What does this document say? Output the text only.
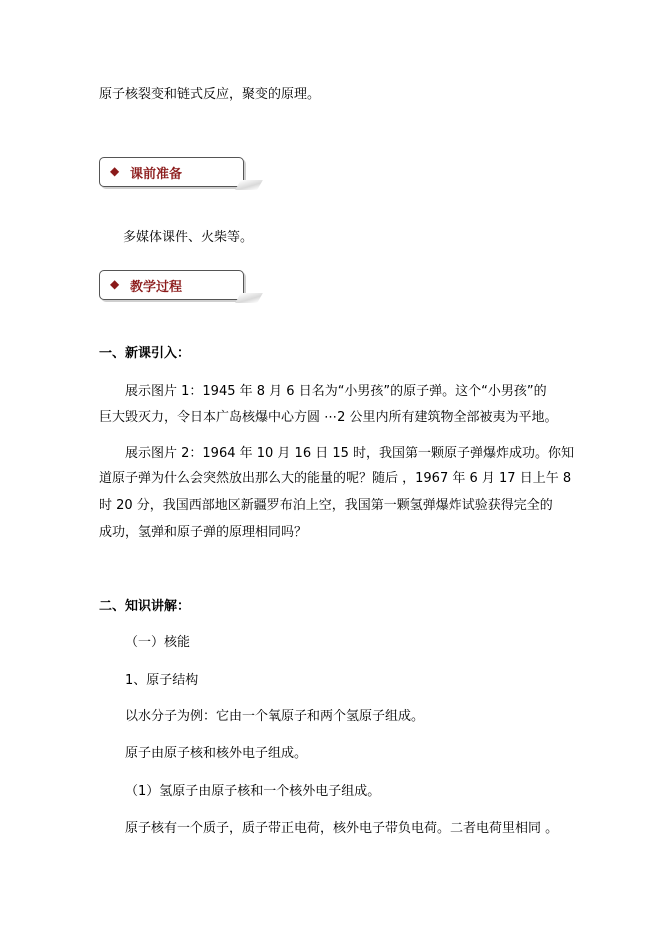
原子核裂变和链式反应，聚变的原理。
◆ 课前准备
多媒体课件、火柴等。
◆ 教学过程
一、新课引入：
展示图片 1：1945 年 8 月 6 日名为“小男孩”的原子弹。这个“小男孩”的
巨大毁灭力，令日本广岛核爆中心方圆 ⋯2 公里内所有建筑物全部被夷为平地。
展示图片 2：1964 年 10 月 16 日 15 时，我国第一颗原子弹爆炸成功。你知
道原子弹为什么会突然放出那么大的能量的呢？随后 ，1967 年 6 月 17 日上午 8
时 20 分，我国西部地区新疆罗布泊上空，我国第一颗氢弹爆炸试验获得完全的
成功，氢弹和原子弹的原理相同吗？
二、知识讲解：
（一）核能
1、原子结构
以水分子为例：它由一个氧原子和两个氢原子组成。
原子由原子核和核外电子组成。
（1）氢原子由原子核和一个核外电子组成。
原子核有一个质子，质子带正电荷，核外电子带负电荷。二者电荷里相同 。
